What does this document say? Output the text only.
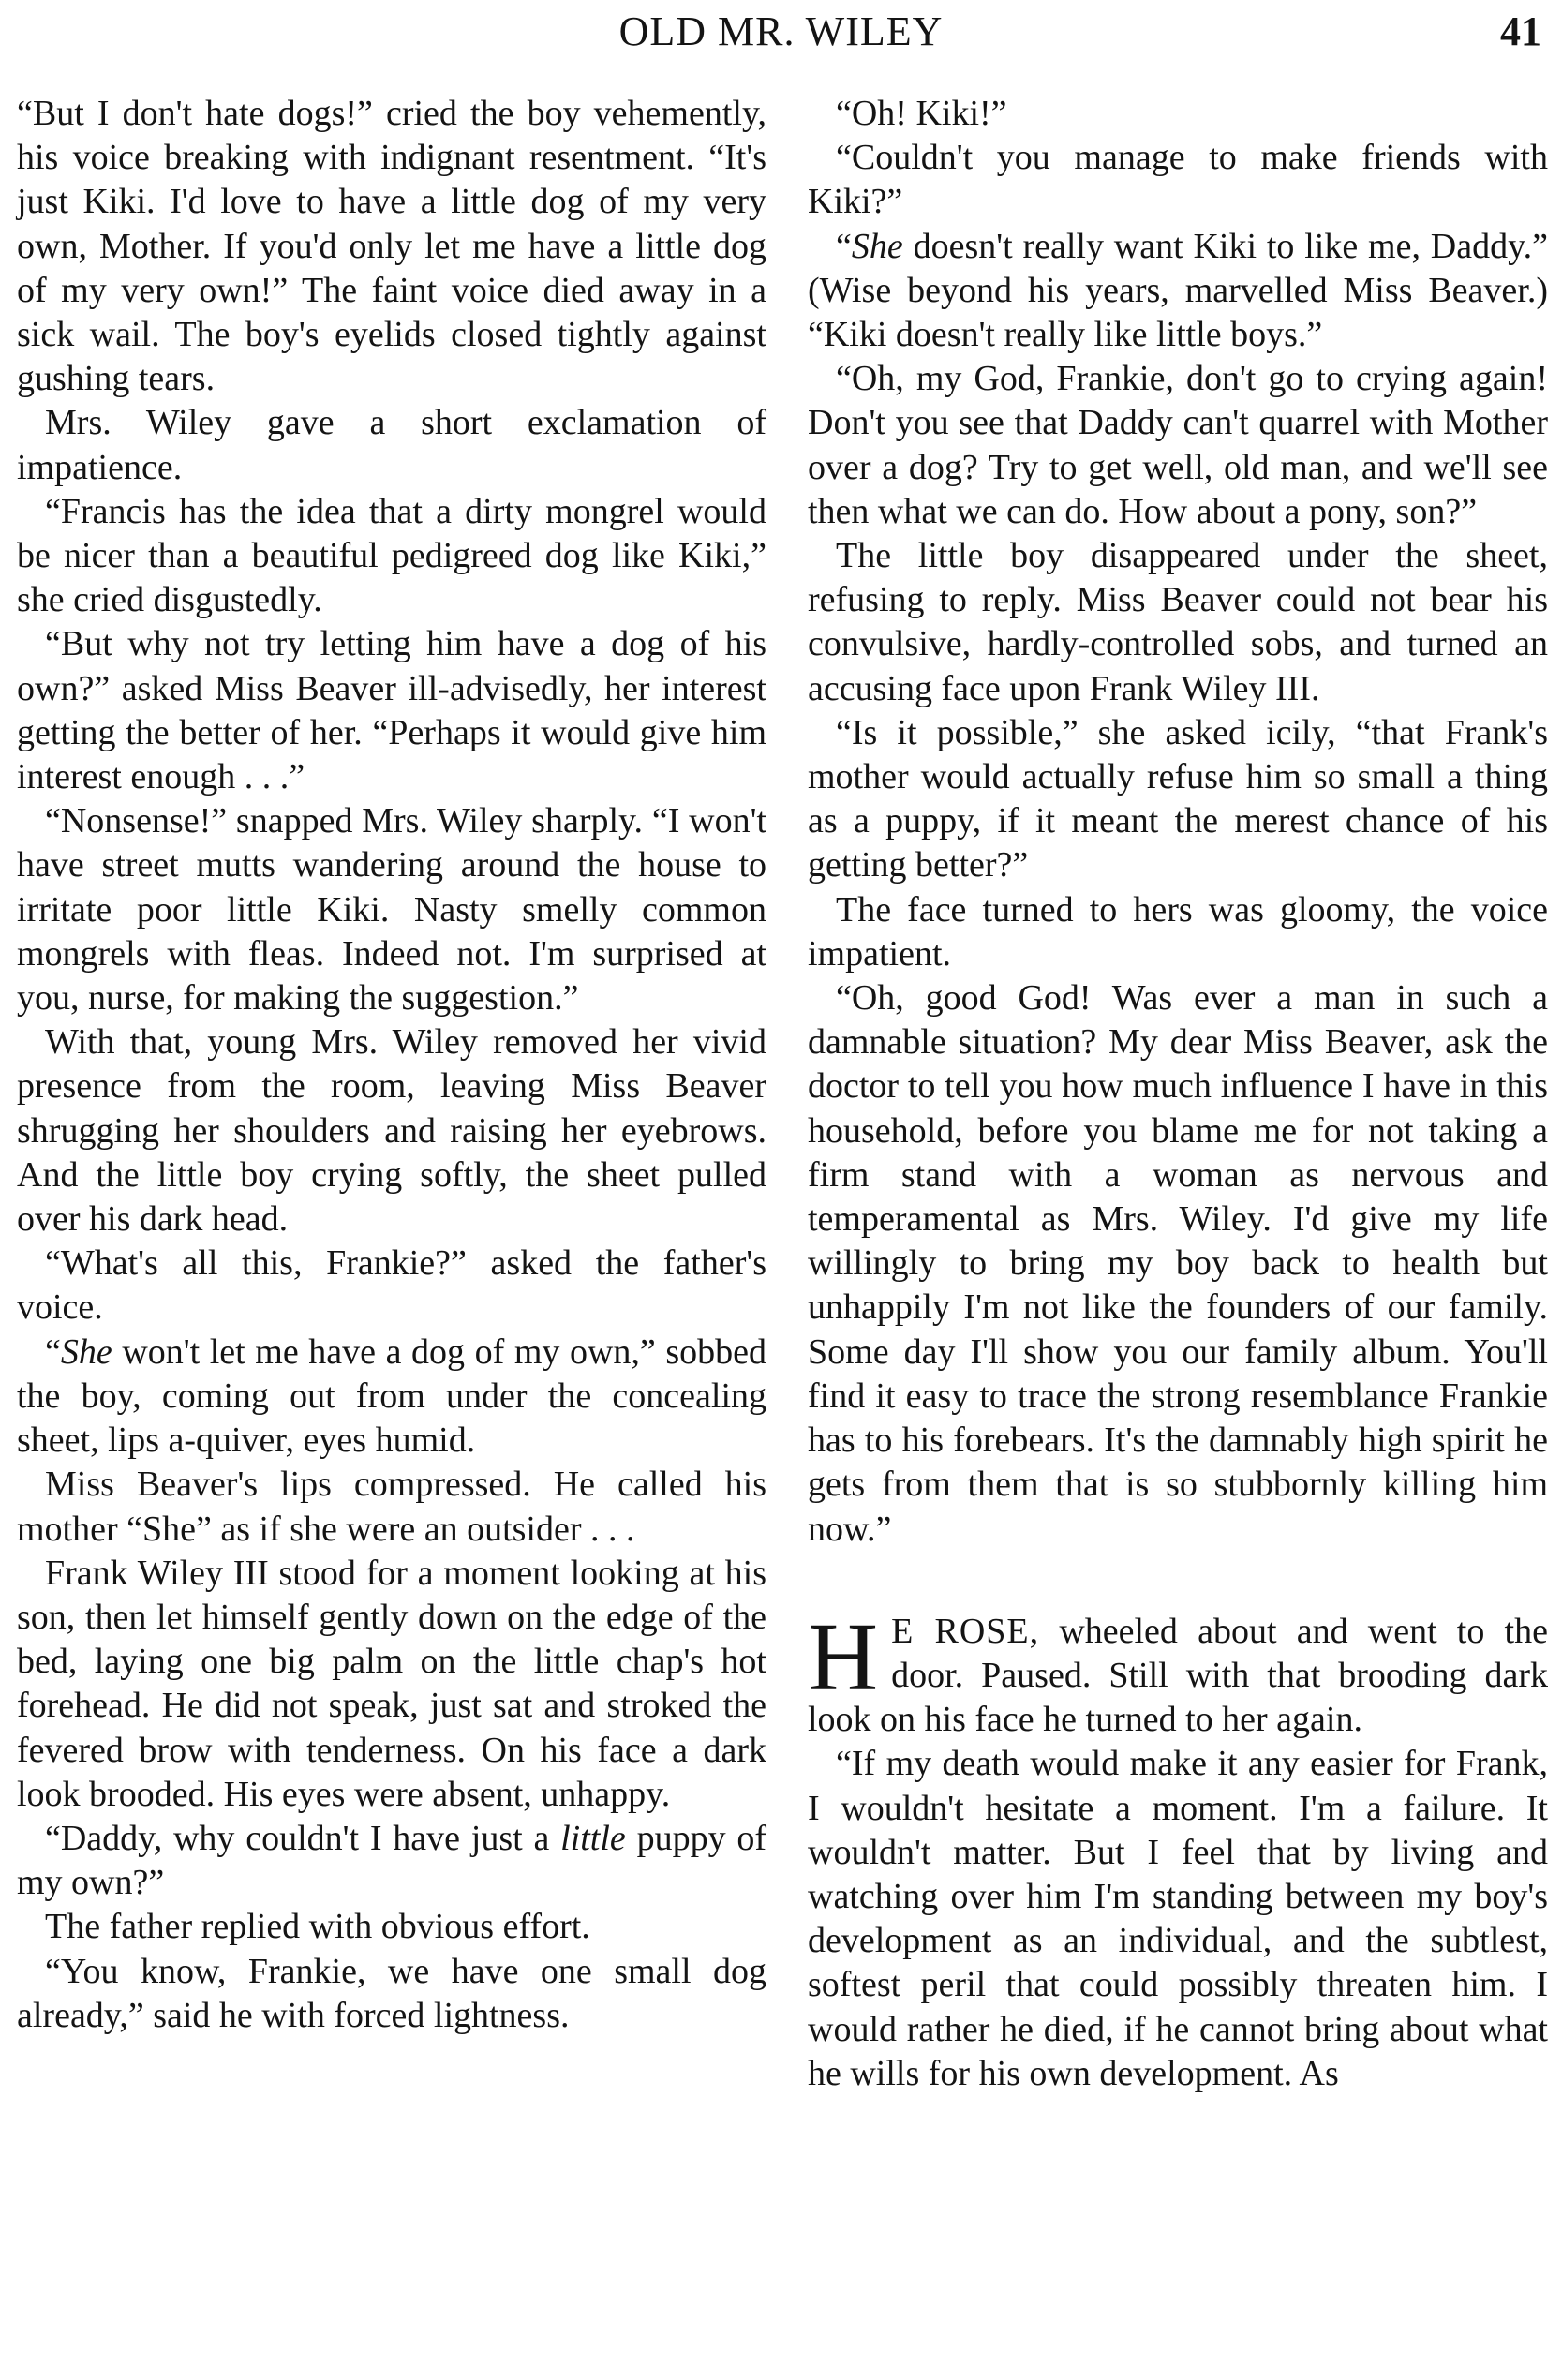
OLD MR. WILEY	41

“But I don't hate dogs!” cried the boy vehemently, his voice breaking with indignant resentment. “It's just Kiki. I'd love to have a little dog of my very own, Mother. If you'd only let me have a little dog of my very own!” The faint voice died away in a sick wail. The boy's eyelids closed tightly against gushing tears.

Mrs. Wiley gave a short exclamation of impatience.

“Francis has the idea that a dirty mongrel would be nicer than a beautiful pedigreed dog like Kiki,” she cried disgustedly.

“But why not try letting him have a dog of his own?” asked Miss Beaver ill-advisedly, her interest getting the better of her. “Perhaps it would give him interest enough . . .”

“Nonsense!” snapped Mrs. Wiley sharply. “I won't have street mutts wandering around the house to irritate poor little Kiki. Nasty smelly common mongrels with fleas. Indeed not. I'm surprised at you, nurse, for making the suggestion.”

With that, young Mrs. Wiley removed her vivid presence from the room, leaving Miss Beaver shrugging her shoulders and raising her eyebrows. And the little boy crying softly, the sheet pulled over his dark head.

“What's all this, Frankie?” asked the father's voice.

“She won't let me have a dog of my own,” sobbed the boy, coming out from under the concealing sheet, lips a-quiver, eyes humid.

Miss Beaver's lips compressed. He called his mother “She” as if she were an outsider . . .

Frank Wiley III stood for a moment looking at his son, then let himself gently down on the edge of the bed, laying one big palm on the little chap's hot forehead. He did not speak, just sat and stroked the fevered brow with tenderness. On his face a dark look brooded. His eyes were absent, unhappy.

“Daddy, why couldn't I have just a little puppy of my own?”

The father replied with obvious effort.

“You know, Frankie, we have one small dog already,” said he with forced lightness.

“Oh! Kiki!”

“Couldn't you manage to make friends with Kiki?”

“She doesn't really want Kiki to like me, Daddy.” (Wise beyond his years, marvelled Miss Beaver.) “Kiki doesn't really like little boys.”

“Oh, my God, Frankie, don't go to crying again! Don't you see that Daddy can't quarrel with Mother over a dog? Try to get well, old man, and we'll see then what we can do. How about a pony, son?”

The little boy disappeared under the sheet, refusing to reply. Miss Beaver could not bear his convulsive, hardly-controlled sobs, and turned an accusing face upon Frank Wiley III.

“Is it possible,” she asked icily, “that Frank's mother would actually refuse him so small a thing as a puppy, if it meant the merest chance of his getting better?”

The face turned to hers was gloomy, the voice impatient.

“Oh, good God! Was ever a man in such a damnable situation? My dear Miss Beaver, ask the doctor to tell you how much influence I have in this household, before you blame me for not taking a firm stand with a woman as nervous and temperamental as Mrs. Wiley. I'd give my life willingly to bring my boy back to health but unhappily I'm not like the founders of our family. Some day I'll show you our family album. You'll find it easy to trace the strong resemblance Frankie has to his forebears. It's the damnably high spirit he gets from them that is so stubbornly killing him now.”

H E ROSE, wheeled about and went to the door. Paused. Still with that brooding dark look on his face he turned to her again.

“If my death would make it any easier for Frank, I wouldn't hesitate a moment. I'm a failure. It wouldn't matter. But I feel that by living and watching over him I'm standing between my boy's development as an individual, and the subtlest, softest peril that could possibly threaten him. I would rather he died, if he cannot bring about what he wills for his own development. As
